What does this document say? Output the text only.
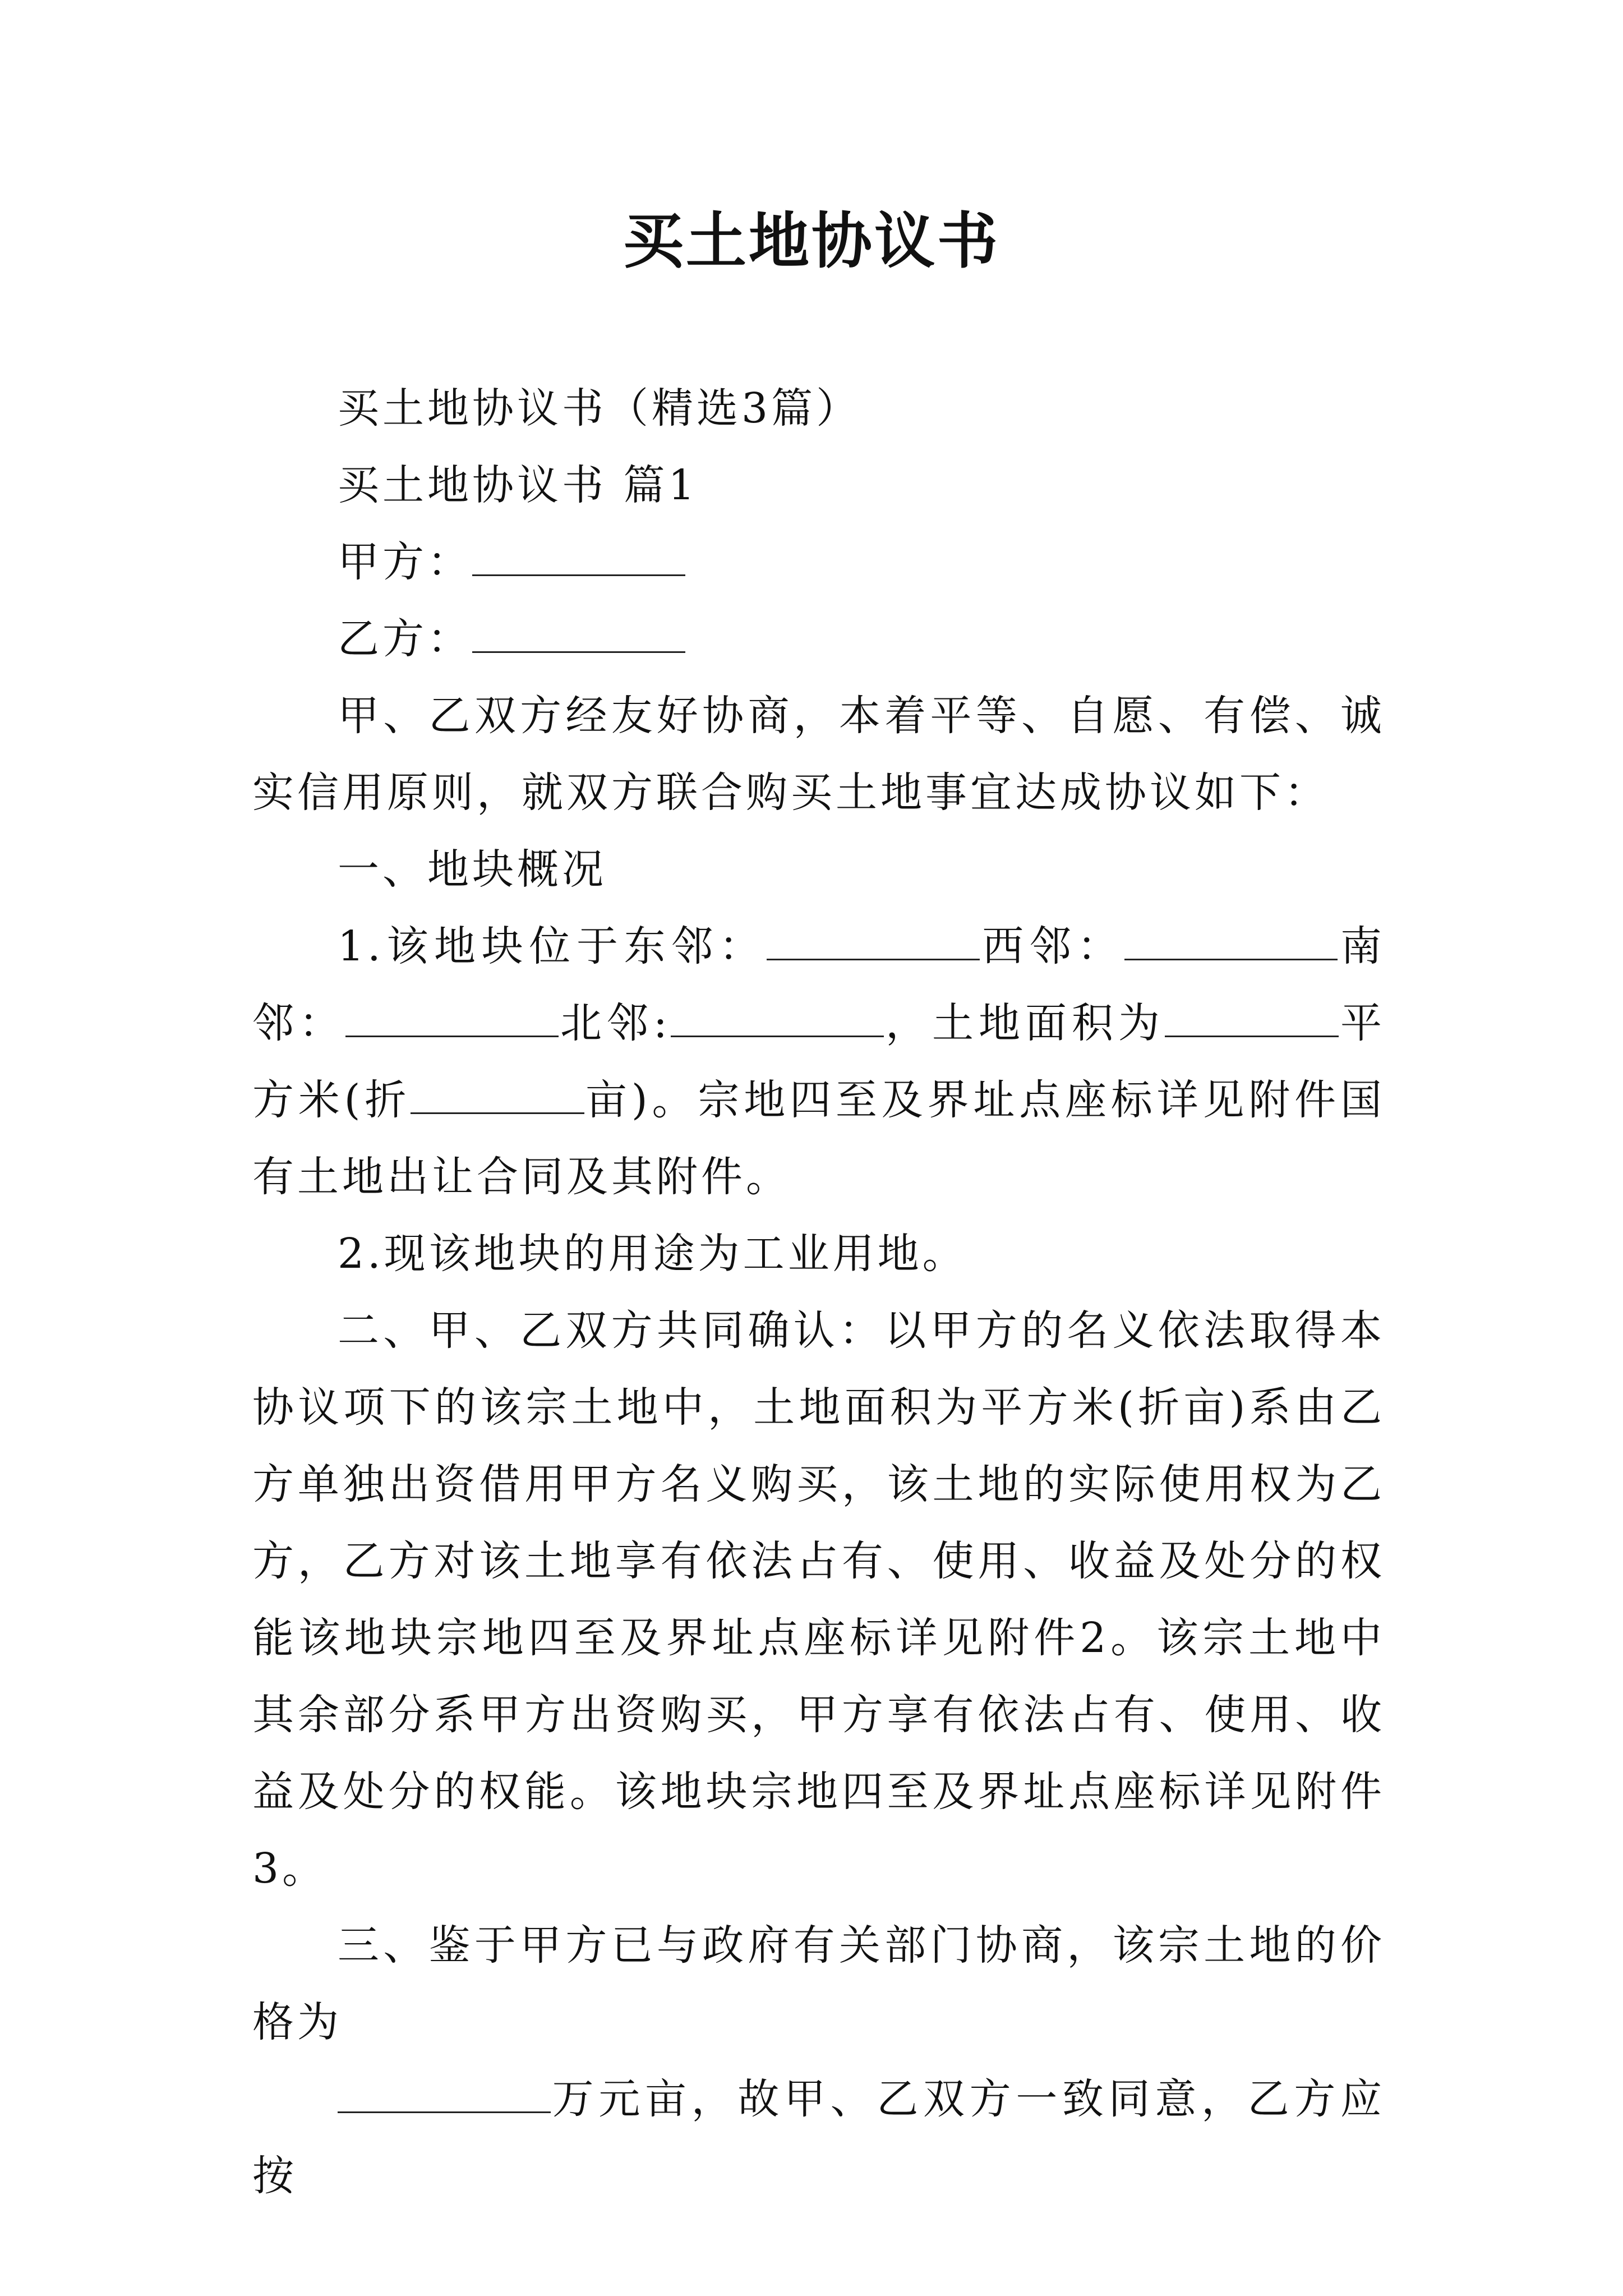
买土地协议书

买土地协议书（精选3篇）

买土地协议书 篇1

甲方：

乙方：

甲、乙双方经友好协商，本着平等、自愿、有偿、诚实信用原则，就双方联合购买土地事宜达成协议如下：

一、地块概况

1.该地块位于东邻：	西邻：	南邻：	北邻:	，土地面积为	平方米(折	亩)。宗地四至及界址点座标详见附件国有土地出让合同及其附件。

2.现该地块的用途为工业用地。

二、甲、乙双方共同确认：以甲方的名义依法取得本协议项下的该宗土地中，土地面积为平方米(折亩)系由乙方单独出资借用甲方名义购买，该土地的实际使用权为乙方，乙方对该土地享有依法占有、使用、收益及处分的权能该地块宗地四至及界址点座标详见附件2。该宗土地中其余部分系甲方出资购买，甲方享有依法占有、使用、收益及处分的权能。该地块宗地四至及界址点座标详见附件3。

三、鉴于甲方已与政府有关部门协商，该宗土地的价格为

万元亩，故甲、乙双方一致同意，乙方应按
